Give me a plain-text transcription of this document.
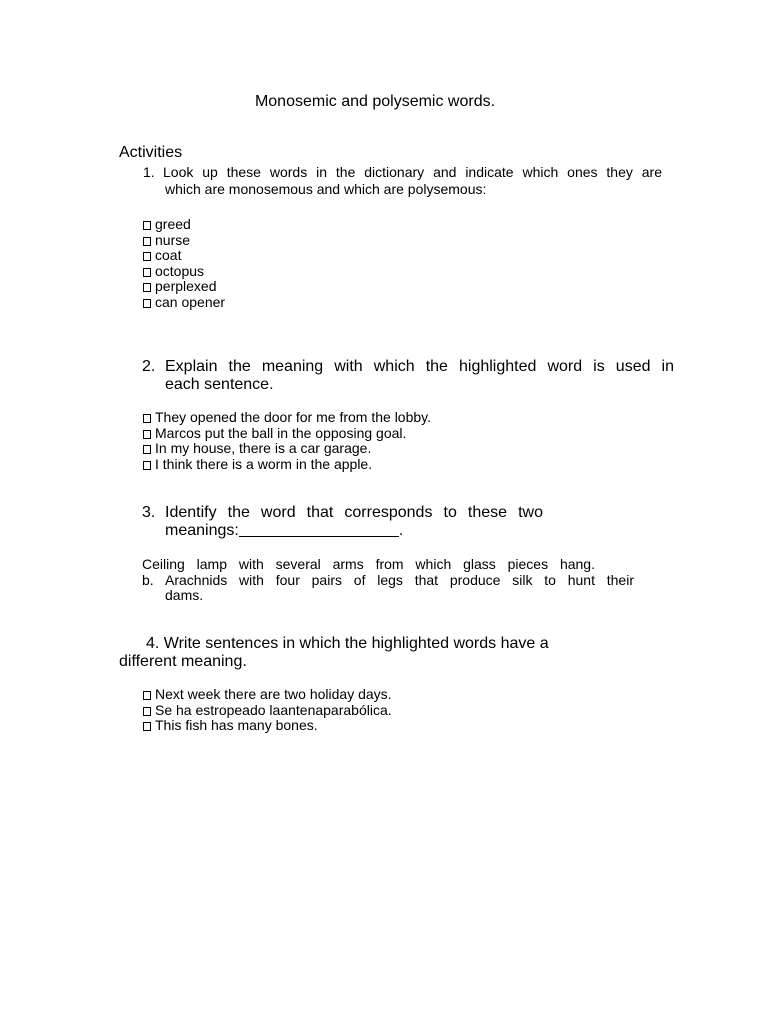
Monosemic and polysemic words.
Activities
1. Look up these words in the dictionary and indicate which ones they are
which are monosemous and which are polysemous:
greed
nurse
coat
octopus
perplexed
can opener
2. Explain the meaning with which the highlighted word is used in
each sentence.
They opened the door for me from the lobby.
Marcos put the ball in the opposing goal.
In my house, there is a car garage.
I think there is a worm in the apple.
3. Identify the word that corresponds to these two
meanings:	.
Ceiling lamp with several arms from which glass pieces hang.
b. Arachnids with four pairs of legs that produce silk to hunt their
dams.
4. Write sentences in which the highlighted words have a
different meaning.
Next week there are two holiday days.
Se ha estropeado laantenaparabólica.
This fish has many bones.
